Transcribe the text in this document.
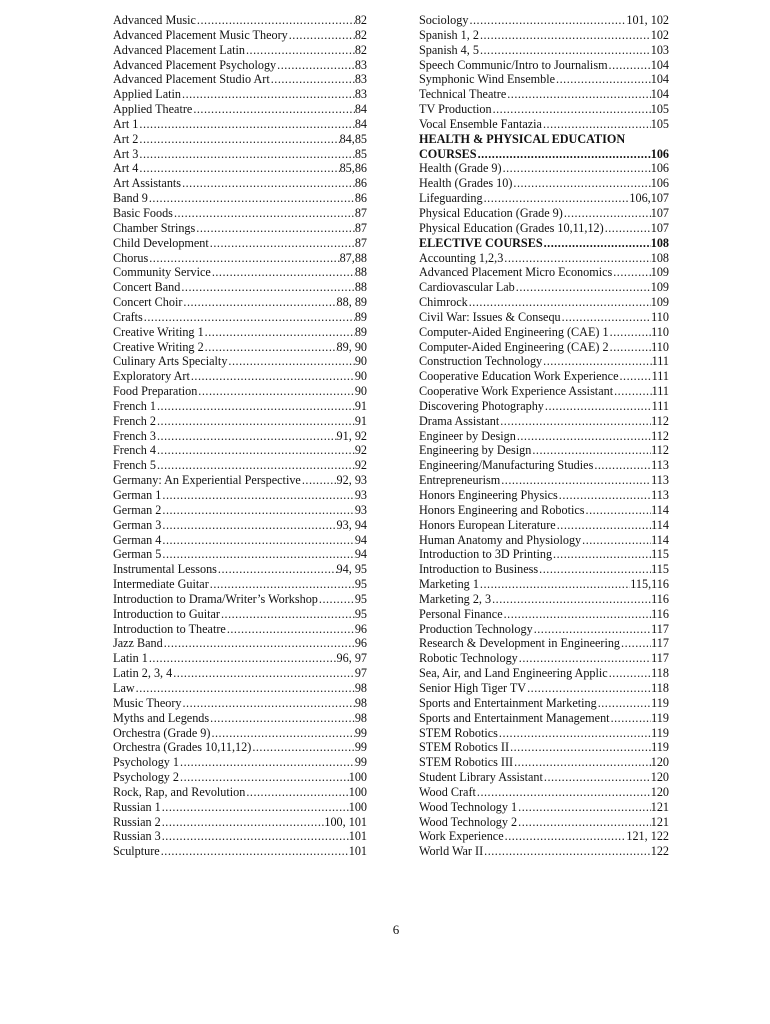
Advanced Music .....	82
Advanced Placement Music Theory .....	82
Advanced Placement Latin .....	82
Advanced Placement Psychology .....	83
Advanced Placement Studio Art .....	83
Applied Latin .....	83
Applied Theatre .....	84
Art 1 .....	84
Art 2 .....	84,85
Art 3 .....	85
Art 4 .....	85,86
Art Assistants .....	86
Band 9 .....	86
Basic Foods .....	87
Chamber Strings .....	87
Child Development .....	87
Chorus .....	87,88
Community Service .....	88
Concert Band .....	88
Concert Choir .....	88, 89
Crafts .....	89
Creative Writing 1 .....	89
Creative Writing 2 .....	89, 90
Culinary Arts Specialty .....	90
Exploratory Art .....	90
Food Preparation .....	90
French 1 .....	91
French 2 .....	91
French 3 .....	91, 92
French 4 .....	92
French 5 .....	92
Germany: An Experiential Perspective .....	92, 93
German 1 .....	93
German 2 .....	93
German 3 .....	93, 94
German 4 .....	94
German 5 .....	94
Instrumental Lessons .....	94, 95
Intermediate Guitar .....	95
Introduction to Drama/Writer’s Workshop .....	95
Introduction to Guitar .....	95
Introduction to Theatre .....	96
Jazz Band .....	96
Latin 1 .....	96, 97
Latin 2, 3, 4 .....	97
Law .....	98
Music Theory .....	98
Myths and Legends .....	98
Orchestra (Grade 9) .....	99
Orchestra (Grades 10,11,12) .....	99
Psychology 1 .....	99
Psychology 2 .....	100
Rock, Rap, and Revolution .....	100
Russian 1 .....	100
Russian 2 .....	100, 101
Russian 3 .....	101
Sculpture .....	101
Sociology .....	101, 102
Spanish 1, 2 .....	102
Spanish 4, 5 .....	103
Speech Communic/Intro to Journalism .....	104
Symphonic Wind Ensemble .....	104
Technical Theatre .....	104
TV Production .....	105
Vocal Ensemble Fantazia .....	105
HEALTH & PHYSICAL EDUCATION
COURSES .....	106
Health (Grade 9) .....	106
Health (Grades 10) .....	106
Lifeguarding .....	106,107
Physical Education (Grade 9) .....	107
Physical Education (Grades 10,11,12) .....	107
ELECTIVE COURSES .....	108
Accounting 1,2,3 .....	108
Advanced Placement Micro Economics .....	109
Cardiovascular Lab .....	109
Chimrock .....	109
Civil War: Issues & Consequ .....	110
Computer-Aided Engineering (CAE) 1 .....	110
Computer-Aided Engineering (CAE) 2 .....	110
Construction Technology .....	111
Cooperative Education Work Experience .....	111
Cooperative Work Experience Assistant .....	111
Discovering Photography .....	111
Drama Assistant .....	112
Engineer by Design .....	112
Engineering by Design .....	112
Engineering/Manufacturing Studies .....	113
Entrepreneurism .....	113
Honors Engineering Physics .....	113
Honors Engineering and Robotics .....	114
Honors European Literature .....	114
Human Anatomy and Physiology .....	114
Introduction to 3D Printing .....	115
Introduction to Business .....	115
Marketing 1 .....	115,116
Marketing 2, 3 .....	116
Personal Finance .....	116
Production Technology .....	117
Research & Development in Engineering .....	117
Robotic Technology .....	117
Sea, Air, and Land Engineering Applic .....	118
Senior High Tiger TV .....	118
Sports and Entertainment Marketing .....	119
Sports and Entertainment Management .....	119
STEM Robotics .....	119
STEM Robotics II .....	119
STEM Robotics III .....	120
Student Library Assistant .....	120
Wood Craft .....	120
Wood Technology 1 .....	121
Wood Technology 2 .....	121
Work Experience .....	121, 122
World War II .....	122
6
